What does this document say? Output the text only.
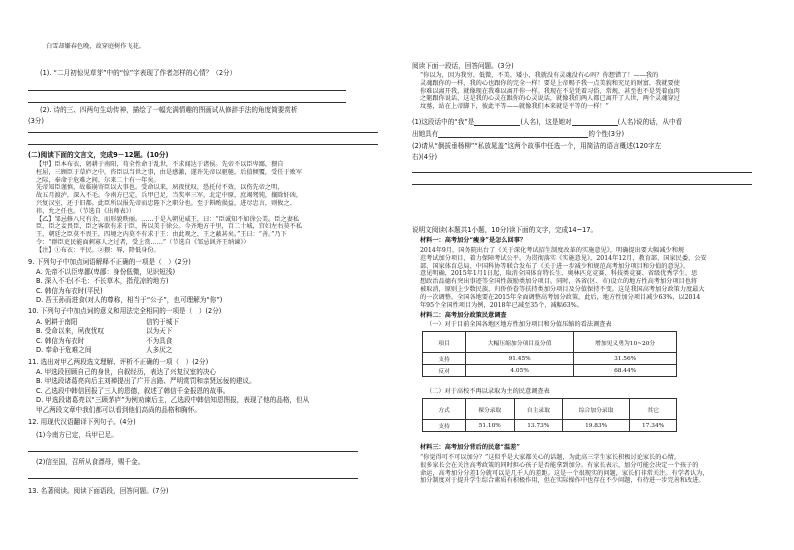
白雪却嫌春色晚，故穿庭树作飞花。
(1). “二月初惊见草芽”中的“惊”字表现了作者怎样的心情？（2分）
(2). 诗的三、四两句生动传神，描绘了一幅充满情趣的图画试从修辞手法的角度简要赏析
(3分)
(二)阅读下面的文言文，完成9－12题。(10分)
【甲】臣本布衣，躬耕于南阳，苟全性命于乱世，不求闻达于诸侯。先帝不以臣卑鄙，猥自
枉屈，三顾臣于草庐之中，咨臣以当世之事，由是感激，遂许先帝以驱驰。后值倾覆，受任于败军
之际，奉命于危难之间，尔来二十有一年矣。
先帝知臣谨慎，故临崩寄臣以大事也。受命以来，夙夜忧叹，恐托付不效，以伤先帝之明，
故五月渡泸，深入不毛。今南方已定，兵甲已足，当奖率三军，北定中原，庶竭驽钝，攘除奸凶，
兴复汉室，还于旧都。此臣所以报先帝而忠陛下之职分也。至于斟酌损益，进尽忠言，则攸之、
祎、允之任也。（节选自《出师表》）
【乙】邹忌修八尺有余，而形貌昳丽。……于是入朝见威王，曰：“臣诚知不如徐公美。臣之妻私
臣，臣之妾畏臣，臣之客欲有求于臣，皆以美于徐公。今齐地方千里，百二十城，宫妇左右莫不私
王，朝廷之臣莫不畏王，四境之内莫不有求于王：由此观之，王之蔽甚矣。”王曰：“善。”乃下
令：“群臣吏民能面刺寡人之过者，受上赏……”（节选自《邹忌讽齐王纳谏》）
【注】①布衣：平民。②猥：辱，降低身份。
9. 下列句子中加点词语解释不正确的一项是（　）(2分)
A. 先帝不以臣卑鄙(卑鄙：身份低微，见识短浅)
B. 深入不毛(不毛：不长草木，指荒凉的地方)
C. 韩信为布衣时(平民)
D. 吾王孙而进食(对人的尊称，相当于“公子”，也可理解为“你”)
10. 下列句子中加点词的意义和用法完全相同的一项是（　）(2分)
A. 躬耕于南阳	信钓于城下
B. 受命以来，夙夜忧叹	以为天下
C. 韩信为布衣时	不为具食
D. 奉命于危难之间	人多厌之
11. 选出对甲乙两段选文理解、评析不正确的一项（　）(2分)
A. 甲选段回顾自己的身世，自叙经历，表达了兴复汉室的决心
B. 甲选段诸葛亮向后主刘禅提出了广开言路、严明赏罚和亲贤远佞的建议。
C. 乙选段中韩信回报了三人的恩德，叙述了韩信千金报恩的故事。
D. 甲选段诸葛亮以“三顾茅庐”为例劝谏后主，乙选段中韩信知恩图报，表现了他的品格，但从
甲乙两段文章中我们都可以看到他们高尚的品格和胸怀。
12. 用现代汉语翻译下列句子。(4分)
(1)今南方已定，兵甲已足。
(2)信至国，召所从食漂母，赐千金。
13. 名著阅读。阅读下面语段，回答问题。(7分)
阅读下面一段话，回答问题。(3分)
“你以为，因为我穷、低微、不美、矮小，我就没有灵魂没有心吗？你想错了！——我的
灵魂跟你的一样，我的心也跟你的完全一样！要是上帝赐予我一点美貌和充足的财富，我就要使
你难以离开我，就像现在我难以离开你一样。我现在不是凭着习俗、常规，甚至也不是凭着血肉
之躯跟你说话，这是我的心灵在跟你的心灵说话，就像我们两人都已离开了人世，两个灵魂穿过
坟墓，站在上帝脚下，彼此平等——就像我们本来就是平等的一样！”
(1)这段话中的“我”是	(人名)，这是她对	(人名)说的话，从中看
出她具有	的个性(3分)
(2)请从“倒拔垂杨柳”“私放晁盖”这两个故事中任选一个，用简洁的语言概述(120字左
右)(4分)
说明文阅读(本题共1小题，10分)读下面的文字，完成14~17。
材料一：高考加分“瘦身”是怎么回事？
2014年9月，国务院出台了《关于深化考试招生制度改革的实施意见》，明确提出要大幅减少和规
范考试加分项目，着力保障考试公平。为贯彻落实《实施意见》，2014年12月，教育部、国家民委、公安
部、国家体育总局、中国科协等联合发布了《关于进一步减少和规范高考加分项目和分值的意见》。
意见明确，2015年1月1日起，取消全国体育特长生、奥林匹克竞赛、科技类竞赛、省级优秀学生、思
想政治品德有突出事迹等全国性鼓励类加分项目。同时，各省(区、市)设立的地方性高考加分项目也将
被取消，原则上少数民族、归侨侨眷等扶持类加分项目及分值保持不变。这是我国高考加分政策力度最大
的一次调整。全国各地要在2015年全面调整高考加分政策，此后，地方性加分项目减少63%，以2014
年95个全国性项目为例，2018年已减至35个，减幅63%。
材料二：高考加分政策民意调查
（一）对于目前全国各地区地方性加分项目和分值压缩的看法调查表
项目	大幅压缩加分项目及分值	增加见义勇为10~20分
支持	91.45%	31.56%
反对	4.05%	68.44%
（二）对于高校不再以录取为主的民意调查表
方式	裸分录取	自主录取	综合加分录取	其它
支持	51.10%	13.73%	19.83%	17.34%
材料三：高考加分背后的民意“温差”
“你觉得可不可以加分？”这似乎是大家都关心的话题，为此高三学生家长积极讨论家长的心情，
很多家长会在关注高考政策的同时担心孩子是否能拿到加分。有家长表示，加分可能会决定一个孩子的
命运，高考加分分差1分就可以是几千人的差距。这是一个很现实的问题，家长们非常关注。有学者认为，
加分制度对于提升学生综合素质有积极作用，但在实际操作中也存在不少问题，有待进一步完善和改进。
